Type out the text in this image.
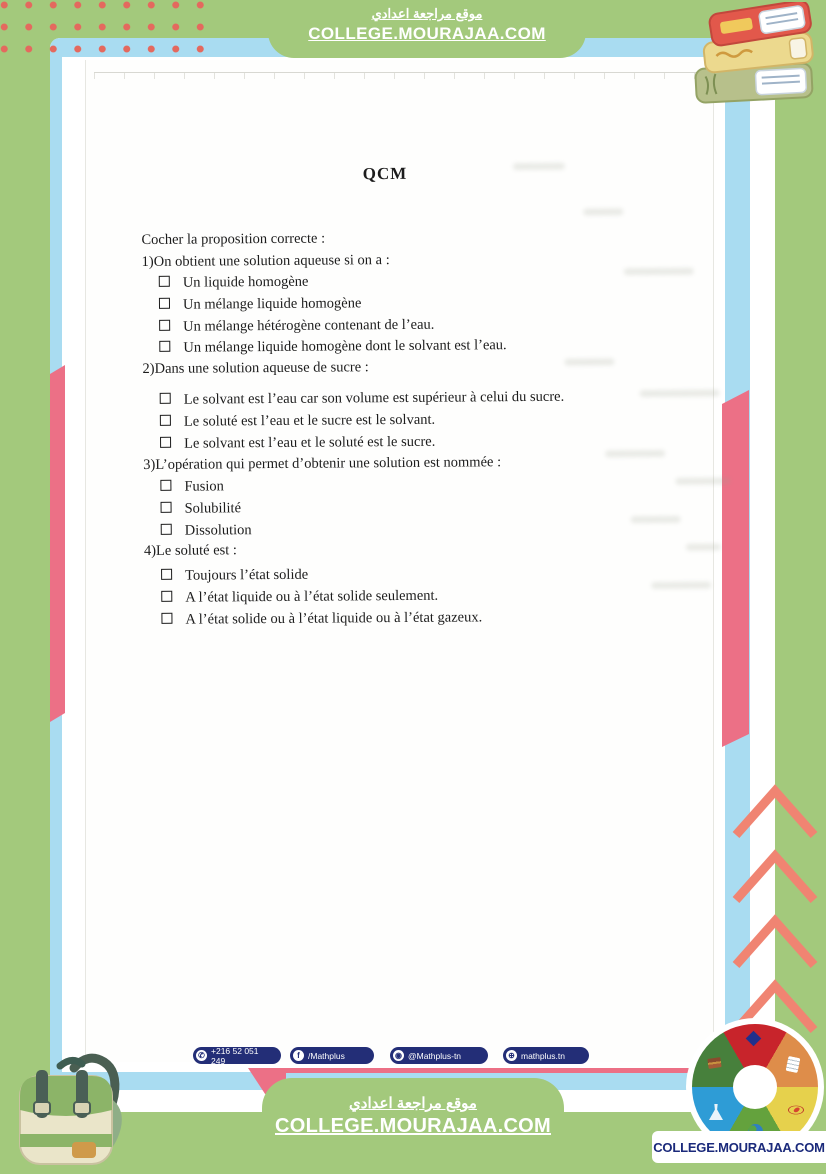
موقع مراجعة اعدادي
COLLEGE.MOURAJAA.COM
QCM
Cocher la proposition correcte :
1)On obtient une solution aqueuse si on a :
Un liquide homogène
Un mélange liquide homogène
Un mélange hétérogène contenant de l’eau.
Un mélange liquide homogène dont le solvant est l’eau.
2)Dans une solution aqueuse de sucre :
Le solvant est l’eau car son volume est supérieur à celui du sucre.
Le soluté est l’eau et le sucre est le solvant.
Le solvant est l’eau et le soluté est le sucre.
3)L’opération qui permet d’obtenir une solution est nommée :
Fusion
Solubilité
Dissolution
4)Le soluté est :
Toujours l’état solide
A l’état liquide ou à l’état solide seulement.
A l’état solide ou à l’état liquide ou à l’état gazeux.
✆ +216 52 051 249	f /Mathplus	◉ @Mathplus-tn	⊕ mathplus.tn
موقع مراجعة اعدادي
COLLEGE.MOURAJAA.COM
COLLEGE.MOURAJAA.COM
